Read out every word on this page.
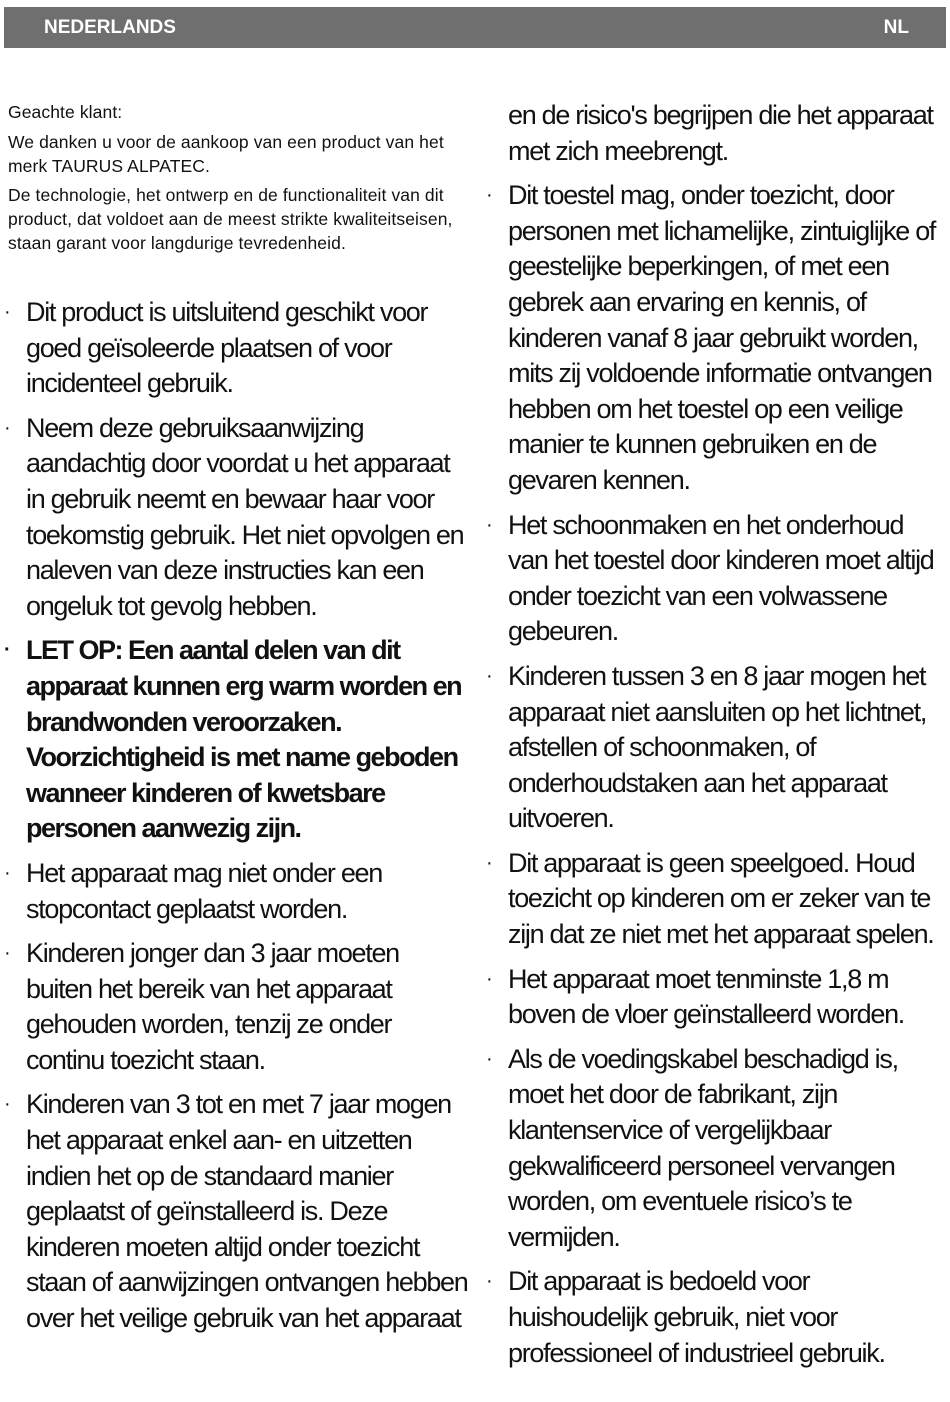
NEDERLANDS	NL

Geachte klant:

We danken u voor de aankoop van een product van het merk TAURUS ALPATEC.

De technologie, het ontwerp en de functionaliteit van dit product, dat voldoet aan de meest strikte kwaliteitseisen, staan garant voor langdurige tevredenheid.

· Dit product is uitsluitend geschikt voor goed geïsoleerde plaatsen of voor incidenteel gebruik.
· Neem deze gebruiksaanwijzing aandachtig door voordat u het apparaat in gebruik neemt en bewaar haar voor toekomstig gebruik. Het niet opvolgen en naleven van deze instructies kan een ongeluk tot gevolg hebben.
· LET OP: Een aantal delen van dit apparaat kunnen erg warm worden en brandwonden veroorzaken. Voorzichtigheid is met name geboden wanneer kinderen of kwetsbare personen aanwezig zijn.
· Het apparaat mag niet onder een stopcontact geplaatst worden.
· Kinderen jonger dan 3 jaar moeten buiten het bereik van het apparaat gehouden worden, tenzij ze onder continu toezicht staan.
· Kinderen van 3 tot en met 7 jaar mogen het apparaat enkel aan- en uitzetten indien het op de standaard manier geplaatst of geïnstalleerd is. Deze kinderen moeten altijd onder toezicht staan of aanwijzingen ontvangen hebben over het veilige gebruik van het apparaat
en de risico's begrijpen die het apparaat met zich meebrengt.
· Dit toestel mag, onder toezicht, door personen met lichamelijke, zintuiglijke of geestelijke beperkingen, of met een gebrek aan ervaring en kennis, of kinderen vanaf 8 jaar gebruikt worden, mits zij voldoende informatie ontvangen hebben om het toestel op een veilige manier te kunnen gebruiken en de gevaren kennen.
· Het schoonmaken en het onderhoud van het toestel door kinderen moet altijd onder toezicht van een volwassene gebeuren.
· Kinderen tussen 3 en 8 jaar mogen het apparaat niet aansluiten op het lichtnet, afstellen of schoonmaken, of onderhoudstaken aan het apparaat uitvoeren.
· Dit apparaat is geen speelgoed. Houd toezicht op kinderen om er zeker van te zijn dat ze niet met het apparaat spelen.
· Het apparaat moet tenminste 1,8 m boven de vloer geïnstalleerd worden.
· Als de voedingskabel beschadigd is, moet het door de fabrikant, zijn klantenservice of vergelijkbaar gekwalificeerd personeel vervangen worden, om eventuele risico’s te vermijden.
· Dit apparaat is bedoeld voor huishoudelijk gebruik, niet voor professioneel of industrieel gebruik.
